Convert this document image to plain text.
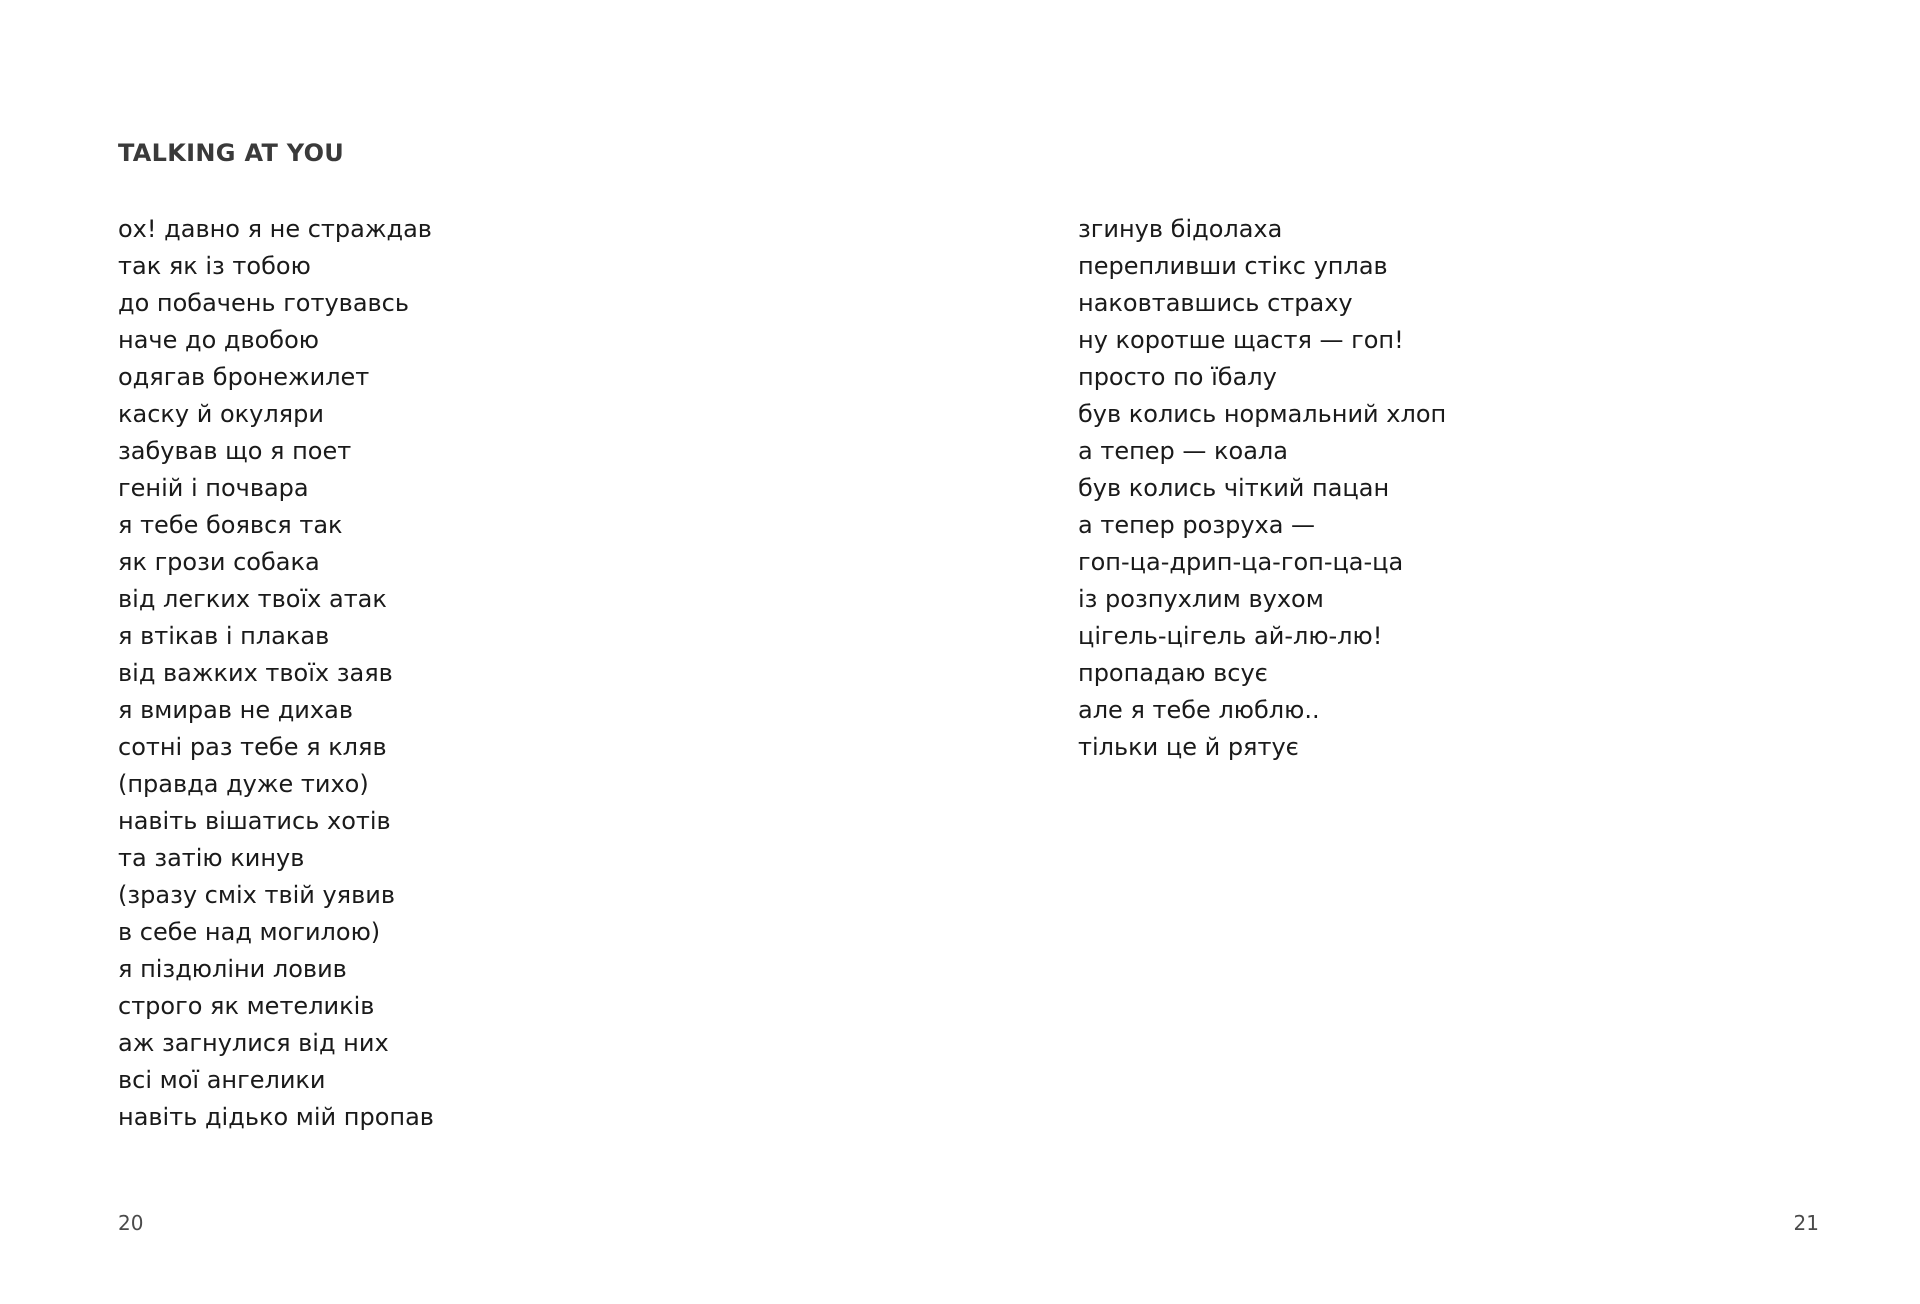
TALKING AT YOU
ох! давно я не страждав
так як із тобою
до побачень готувавсь
наче до двобою
одягав бронежилет
каску й окуляри
забував що я поет
геній і почвара
я тебе боявся так
як грози собака
від легких твоїх атак
я втікав і плакав
від важких твоїх заяв
я вмирав не дихав
сотні раз тебе я кляв
(правда дуже тихо)
навіть вішатись хотів
та затію кинув
(зразу сміх твій уявив
в себе над могилою)
я піздюліни ловив
строго як метеликів
аж загнулися від них
всі мої ангелики
навіть дідько мій пропав
20
згинув бідолаха
перепливши стікс уплав
наковтавшись страху
ну коротше щастя — гоп!
просто по їбалу
був колись нормальний хлоп
а тепер — коала
був колись чіткий пацан
а тепер розруха —
гоп-ца-дрип-ца-гоп-ца-ца
із розпухлим вухом
цігель-цігель ай-лю-лю!
пропадаю всує
але я тебе люблю..
тільки це й рятує
21
